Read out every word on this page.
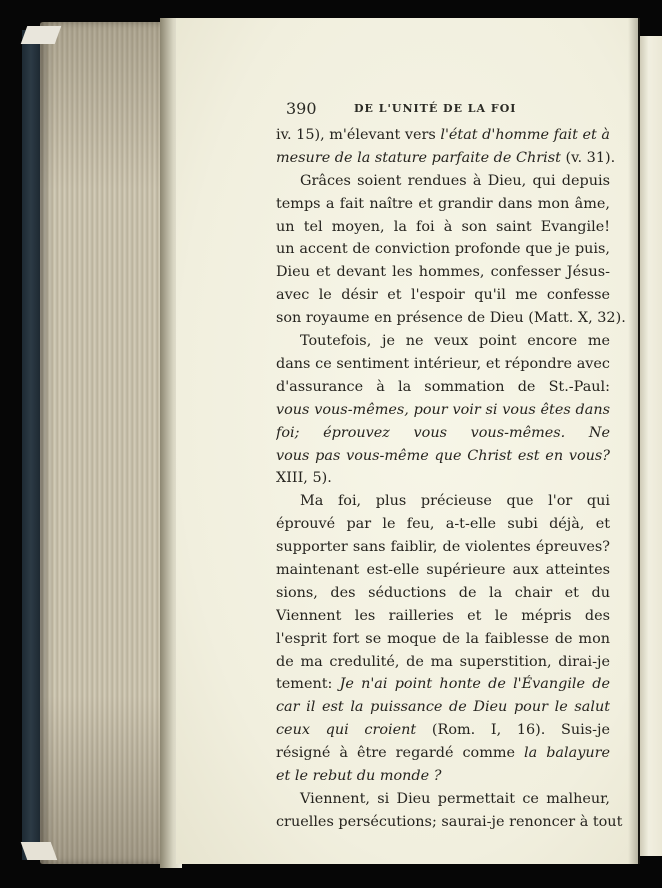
390	DE L'UNITÉ DE LA FOI
iv. 15), m'élevant vers l'état d'homme fait et à
mesure de la stature parfaite de Christ (v. 31).
Grâces soient rendues à Dieu, qui depuis
temps a fait naître et grandir dans mon âme,
un tel moyen, la foi à son saint Evangile!
un accent de conviction profonde que je puis,
Dieu et devant les hommes, confesser Jésus-
avec le désir et l'espoir qu'il me confesse
son royaume en présence de Dieu (Matt. X, 32).
Toutefois, je ne veux point encore me
dans ce sentiment intérieur, et répondre avec
d'assurance à la sommation de St.-Paul:
vous vous-mêmes, pour voir si vous êtes dans
foi; éprouvez vous vous-mêmes. Ne
vous pas vous-même que Christ est en vous?
XIII, 5).
Ma foi, plus précieuse que l'or qui
éprouvé par le feu, a-t-elle subi déjà, et
supporter sans faiblir, de violentes épreuves?
maintenant est-elle supérieure aux atteintes
sions, des séductions de la chair et du
Viennent les railleries et le mépris des
l'esprit fort se moque de la faiblesse de mon
de ma credulité, de ma superstition, dirai-je
tement: Je n'ai point honte de l'Évangile de
car il est la puissance de Dieu pour le salut
ceux qui croient (Rom. I, 16). Suis-je
résigné à être regardé comme la balayure
et le rebut du monde ?
Viennent, si Dieu permettait ce malheur,
cruelles persécutions; saurai-je renoncer à tout
